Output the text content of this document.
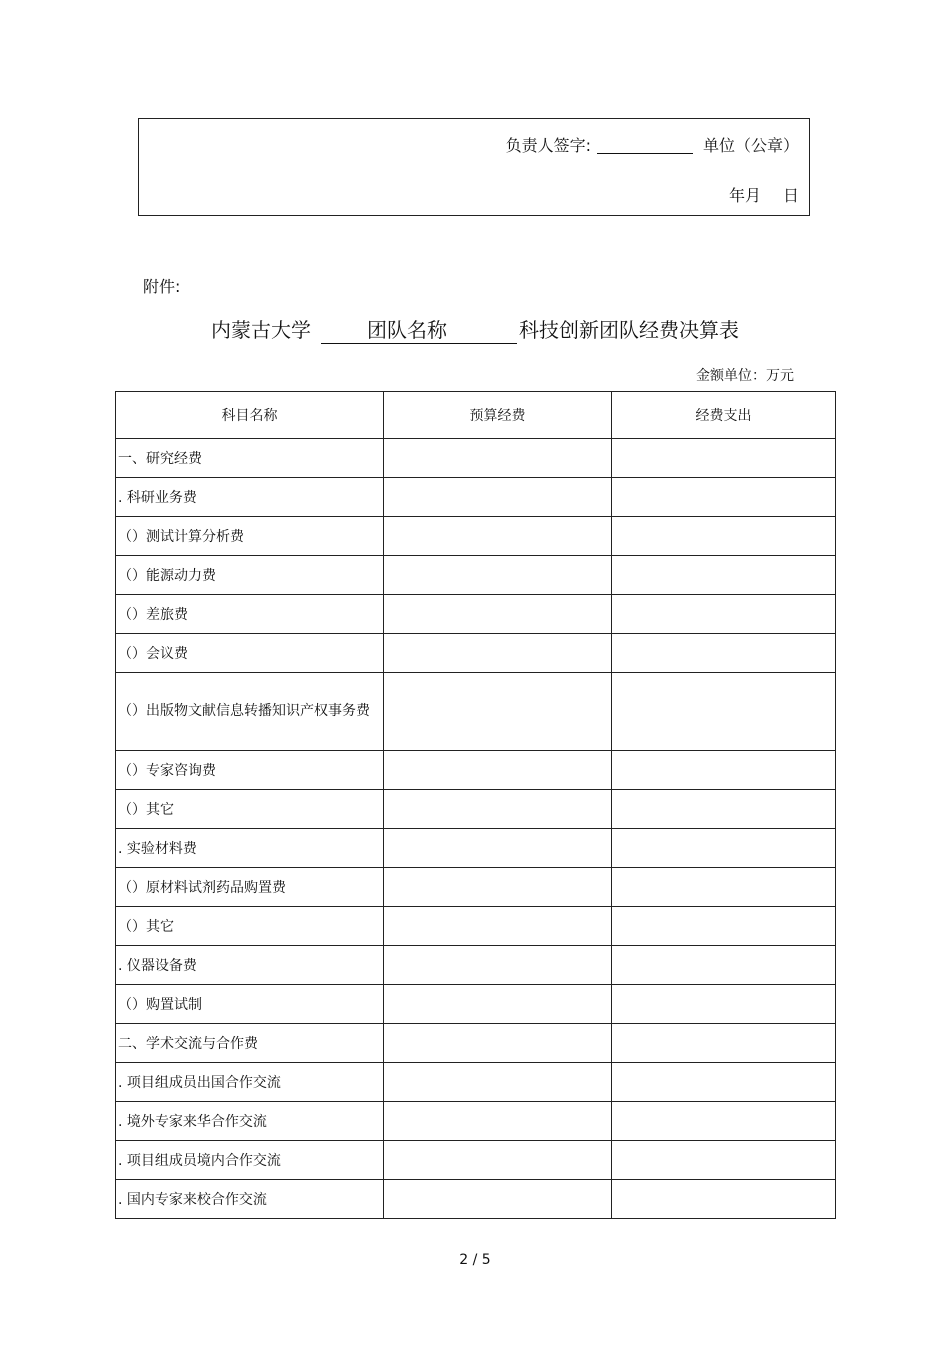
负责人签字:	单位（公章）
年月 日
附件:
内蒙古大学	团队名称	科技创新团队经费决算表
金额单位：万元
科目名称	预算经费	经费支出
一、研究经费		
. 科研业务费		
（）测试计算分析费		
（）能源动力费		
（）差旅费		
（）会议费		
（）出版物文献信息转播知识产权事务费		
（）专家咨询费		
（）其它		
. 实验材料费		
（）原材料试剂药品购置费		
（）其它		
. 仪器设备费		
（）购置试制		
二、学术交流与合作费		
. 项目组成员出国合作交流		
. 境外专家来华合作交流		
. 项目组成员境内合作交流		
. 国内专家来校合作交流		
2 / 5
